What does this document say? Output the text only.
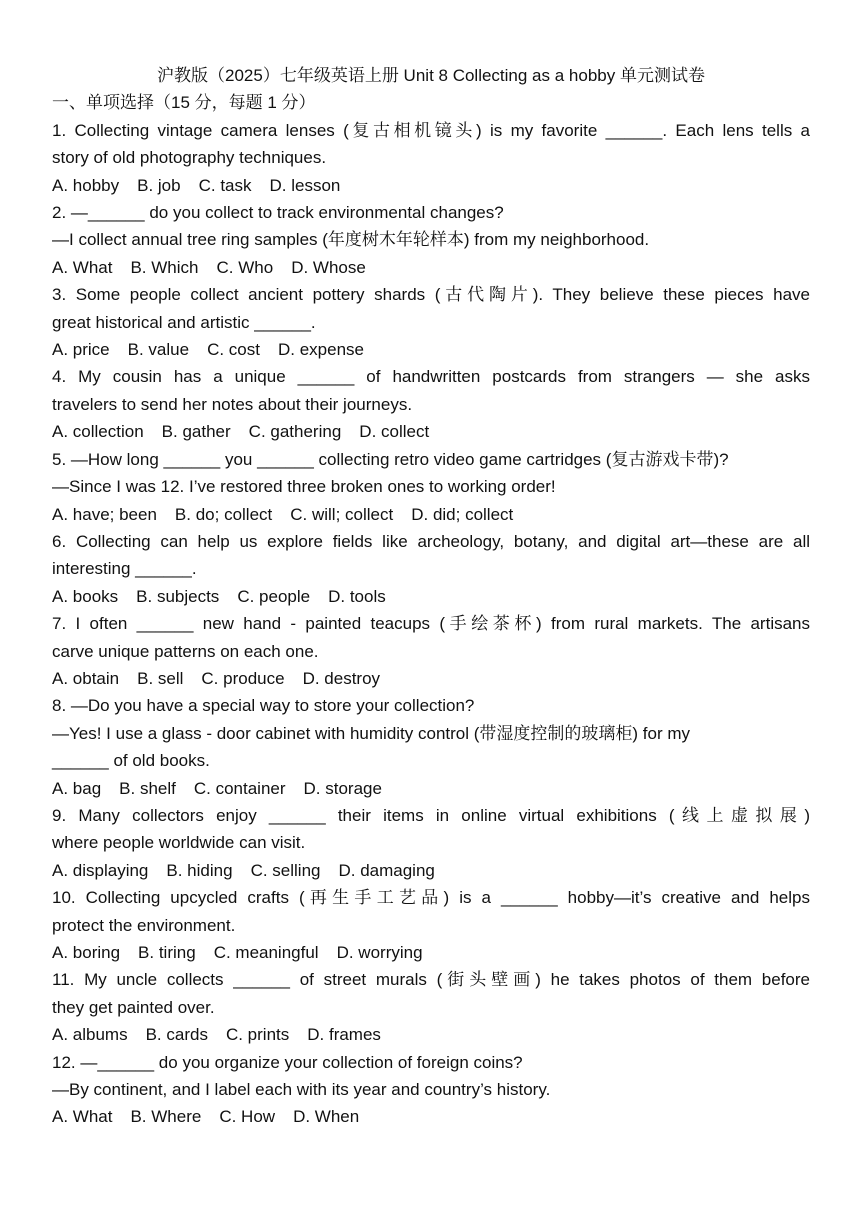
沪教版（2025）七年级英语上册 Unit 8 Collecting as a hobby 单元测试卷

一、单项选择（15 分，每题 1 分）

1. Collecting vintage camera lenses (复古相机镜头) is my favorite ______. Each lens tells a

story of old photography techniques.

A. hobby B. job C. task D. lesson

2. —______ do you collect to track environmental changes?

—I collect annual tree ring samples (年度树木年轮样本) from my neighborhood.

A. What B. Which C. Who D. Whose

3. Some people collect ancient pottery shards (古代陶片). They believe these pieces have

great historical and artistic ______.

A. price B. value C. cost D. expense

4. My cousin has a unique ______ of handwritten postcards from strangers — she asks

travelers to send her notes about their journeys.

A. collection B. gather C. gathering D. collect

5. —How long ______ you ______ collecting retro video game cartridges (复古游戏卡带)?

—Since I was 12. I’ve restored three broken ones to working order!

A. have; been B. do; collect C. will; collect D. did; collect

6. Collecting can help us explore fields like archeology, botany, and digital art—these are all

interesting ______.

A. books B. subjects C. people D. tools

7. I often ______ new hand - painted teacups (手绘茶杯) from rural markets. The artisans

carve unique patterns on each one.

A. obtain B. sell C. produce D. destroy

8. —Do you have a special way to store your collection?

—Yes! I use a glass - door cabinet with humidity control (带湿度控制的玻璃柜) for my

______ of old books.

A. bag B. shelf C. container D. storage

9. Many collectors enjoy ______ their items in online virtual exhibitions (线上虚拟展)

where people worldwide can visit.

A. displaying B. hiding C. selling D. damaging

10. Collecting upcycled crafts (再生手工艺品) is a ______ hobby—it’s creative and helps

protect the environment.

A. boring B. tiring C. meaningful D. worrying

11. My uncle collects ______ of street murals (街头壁画) he takes photos of them before

they get painted over.

A. albums B. cards C. prints D. frames

12. —______ do you organize your collection of foreign coins?

—By continent, and I label each with its year and country’s history.

A. What B. Where C. How D. When
